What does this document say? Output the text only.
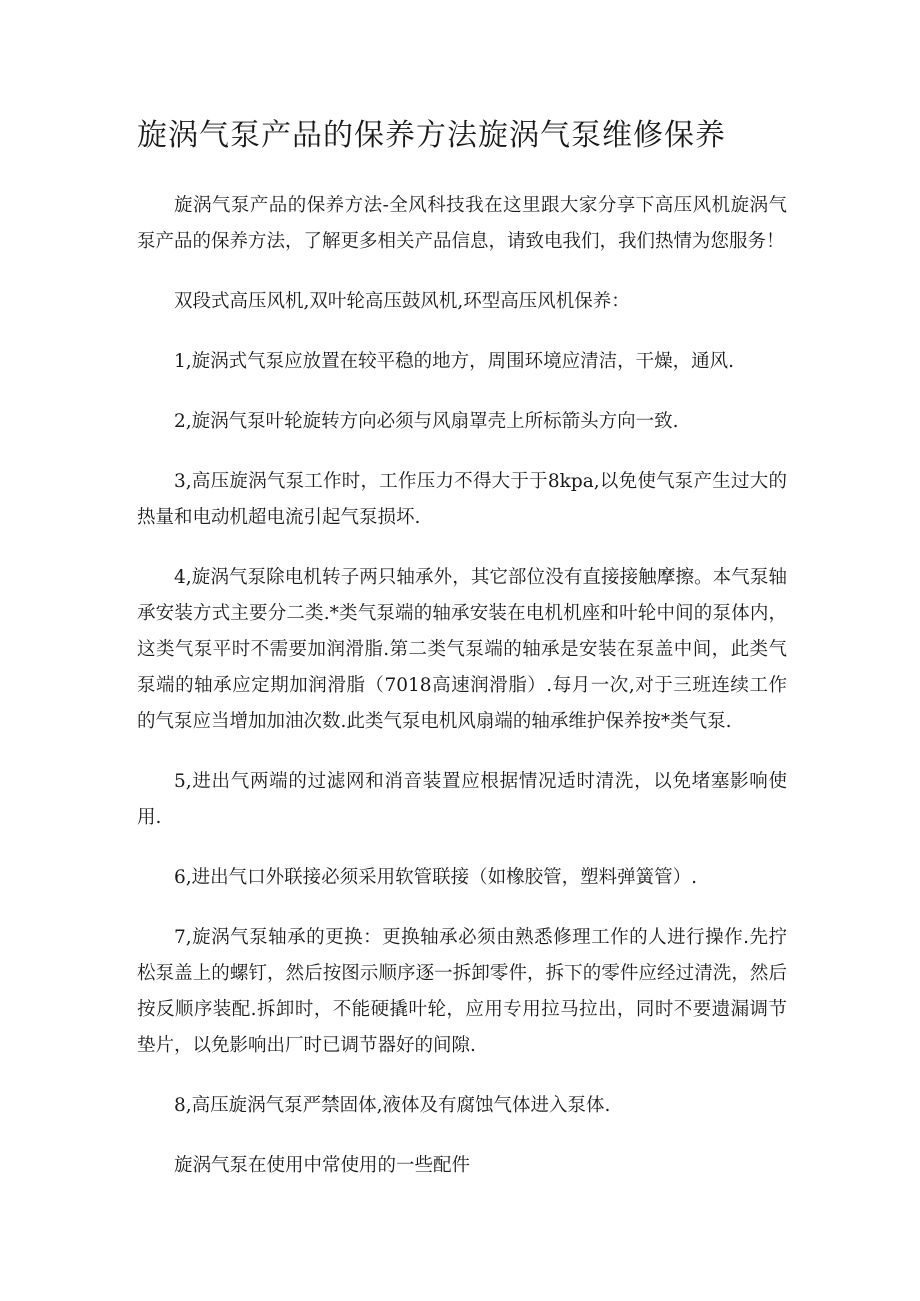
旋涡气泵产品的保养方法旋涡气泵维修保养

旋涡气泵产品的保养方法-全风科技我在这里跟大家分享下高压风机旋涡气泵产品的保养方法，了解更多相关产品信息，请致电我们，我们热情为您服务！

双段式高压风机,双叶轮高压鼓风机,环型高压风机保养：

1,旋涡式气泵应放置在较平稳的地方，周围环境应清洁，干燥，通风.

2,旋涡气泵叶轮旋转方向必须与风扇罩壳上所标箭头方向一致.

3,高压旋涡气泵工作时，工作压力不得大于于8kpa,以免使气泵产生过大的热量和电动机超电流引起气泵损坏.

4,旋涡气泵除电机转子两只轴承外，其它部位没有直接接触摩擦。本气泵轴承安装方式主要分二类.*类气泵端的轴承安装在电机机座和叶轮中间的泵体内，这类气泵平时不需要加润滑脂.第二类气泵端的轴承是安装在泵盖中间，此类气泵端的轴承应定期加润滑脂（7018高速润滑脂）.每月一次,对于三班连续工作的气泵应当增加加油次数.此类气泵电机风扇端的轴承维护保养按*类气泵.

5,进出气两端的过滤网和消音装置应根据情况适时清洗，以免堵塞影响使用.

6,进出气口外联接必须采用软管联接（如橡胶管，塑料弹簧管）.

7,旋涡气泵轴承的更换：更换轴承必须由熟悉修理工作的人进行操作.先拧松泵盖上的螺钉，然后按图示顺序逐一拆卸零件，拆下的零件应经过清洗，然后按反顺序装配.拆卸时，不能硬撬叶轮，应用专用拉马拉出，同时不要遗漏调节垫片，以免影响出厂时已调节器好的间隙.

8,高压旋涡气泵严禁固体,液体及有腐蚀气体进入泵体.

旋涡气泵在使用中常使用的一些配件
